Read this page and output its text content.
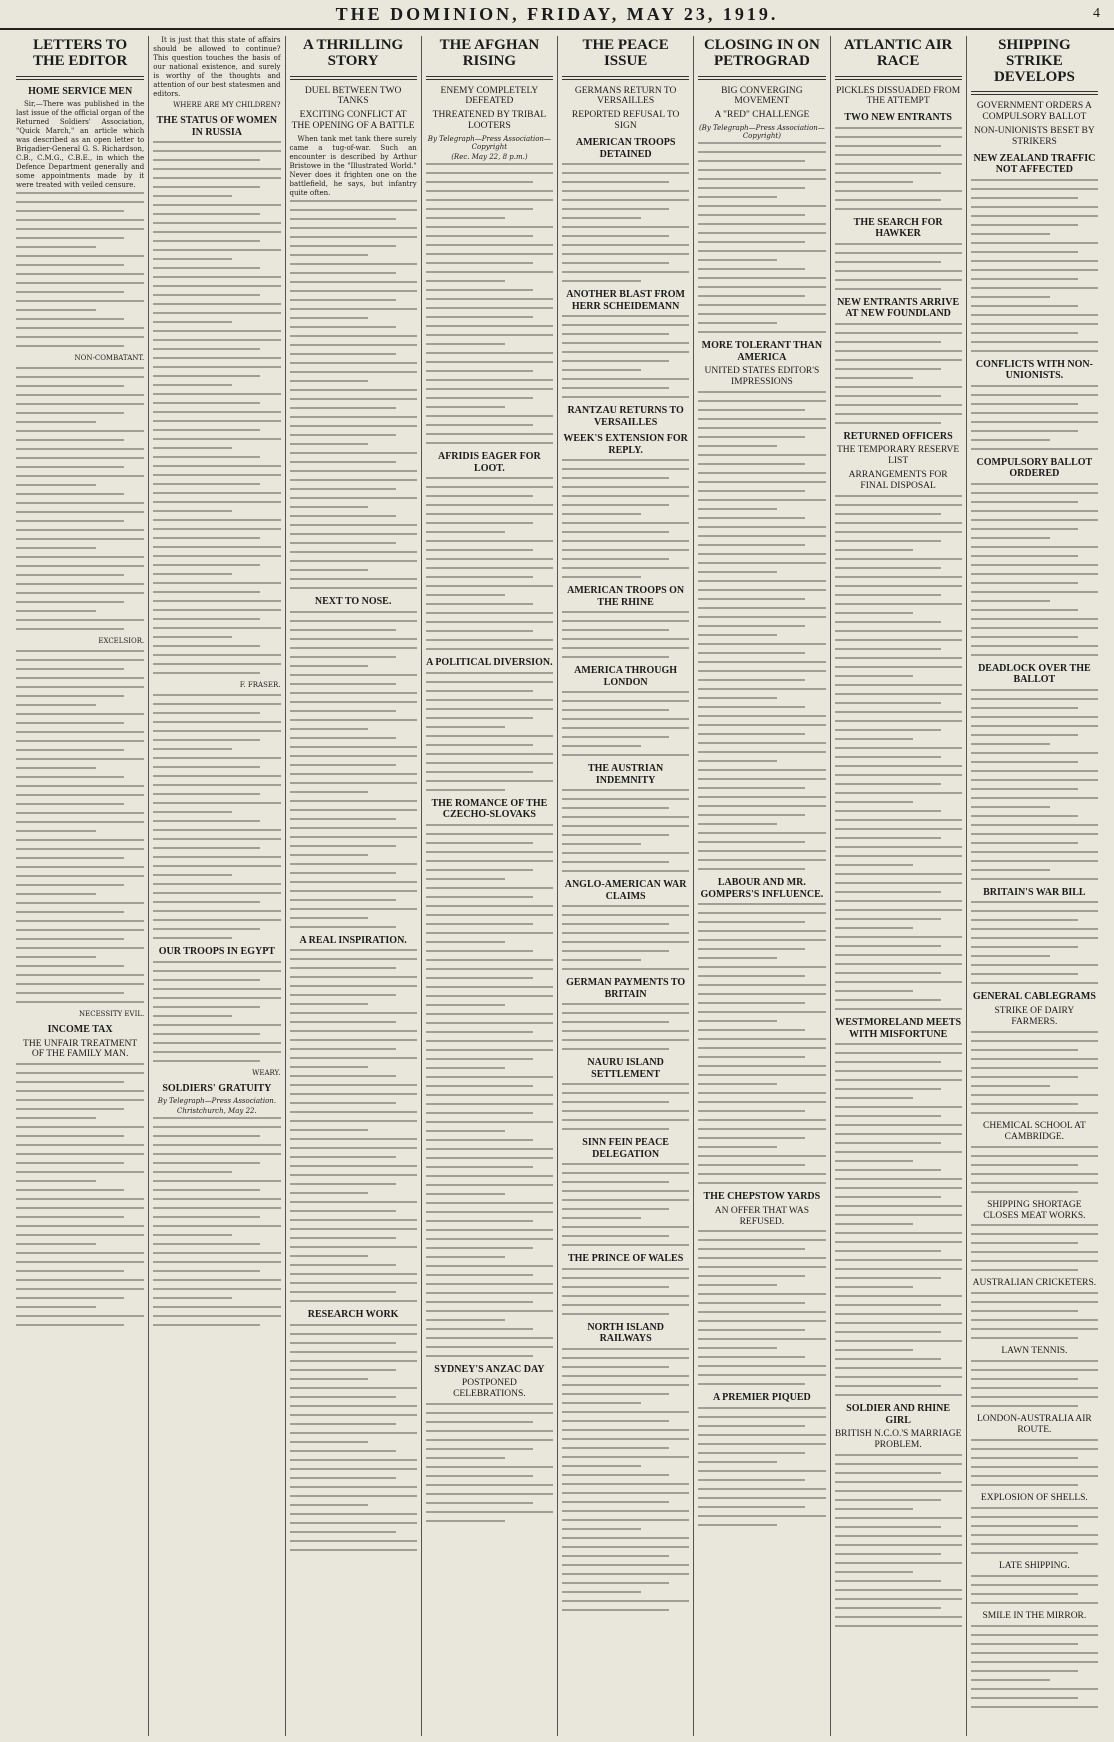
THE DOMINION, FRIDAY, MAY 23, 1919.	4
LETTERS TO THE EDITOR
HOME SERVICE MEN

Sir,—There was published in the last issue of the official organ of the Returned Soldiers' Association, "Quick March," an article which was described as an open letter to Brigadier-General G. S. Richardson, C.B., C.M.G., C.B.E., in which the Defence Department generally and some appointments made by it were treated with veiled censure.

NON-COMBATANT.

EXCELSIOR.

NECESSITY EVIL.

INCOME TAX
THE UNFAIR TREATMENT OF THE FAMILY MAN.

It is just that this state of affairs should be allowed to continue? This question touches the basis of our national existence, and surely is worthy of the thoughts and attention of our best statesmen and editors.

WHERE ARE MY CHILDREN?

THE STATUS OF WOMEN IN RUSSIA

F. FRASER.

OUR TROOPS IN EGYPT

WEARY.

SOLDIERS' GRATUITY
By Telegraph—Press Association.
Christchurch, May 22.
A THRILLING STORY
DUEL BETWEEN TWO TANKS
EXCITING CONFLICT AT THE OPENING OF A BATTLE

When tank met tank there surely came a tug-of-war. Such an encounter is described by Arthur Bristowe in the "Illustrated World." Never does it frighten one on the battlefield, he says, but infantry quite often.

NEXT TO NOSE.
A REAL INSPIRATION.
RESEARCH WORK
THE AFGHAN RISING
ENEMY COMPLETELY DEFEATED
THREATENED BY TRIBAL LOOTERS
By Telegraph—Press Association—Copyright
(Rec. May 22, 8 p.m.)
AFRIDIS EAGER FOR LOOT.
A POLITICAL DIVERSION.
THE ROMANCE OF THE CZECHO-SLOVAKS
SYDNEY'S ANZAC DAY
POSTPONED CELEBRATIONS.
THE PEACE ISSUE
GERMANS RETURN TO VERSAILLES
REPORTED REFUSAL TO SIGN
AMERICAN TROOPS DETAINED
ANOTHER BLAST FROM HERR SCHEIDEMANN
RANTZAU RETURNS TO VERSAILLES
WEEK'S EXTENSION FOR REPLY.
AMERICAN TROOPS ON THE RHINE
AMERICA THROUGH LONDON
THE AUSTRIAN INDEMNITY
ANGLO-AMERICAN WAR CLAIMS
GERMAN PAYMENTS TO BRITAIN
NAURU ISLAND SETTLEMENT
SINN FEIN PEACE DELEGATION
THE PRINCE OF WALES
NORTH ISLAND RAILWAYS
CLOSING IN ON PETROGRAD
BIG CONVERGING MOVEMENT
A "RED" CHALLENGE
(By Telegraph—Press Association—Copyright)
MORE TOLERANT THAN AMERICA
UNITED STATES EDITOR'S IMPRESSIONS
LABOUR AND MR. GOMPERS'S INFLUENCE.
THE CHEPSTOW YARDS
AN OFFER THAT WAS REFUSED.
A PREMIER PIQUED
ATLANTIC AIR RACE
PICKLES DISSUADED FROM THE ATTEMPT
TWO NEW ENTRANTS
THE SEARCH FOR HAWKER
NEW ENTRANTS ARRIVE AT NEW FOUNDLAND
RETURNED OFFICERS
THE TEMPORARY RESERVE LIST
ARRANGEMENTS FOR FINAL DISPOSAL
WESTMORELAND MEETS WITH MISFORTUNE
SOLDIER AND RHINE GIRL
BRITISH N.C.O.'S MARRIAGE PROBLEM.
SHIPPING STRIKE DEVELOPS
GOVERNMENT ORDERS A COMPULSORY BALLOT
NON-UNIONISTS BESET BY STRIKERS
NEW ZEALAND TRAFFIC NOT AFFECTED
CONFLICTS WITH NON-UNIONISTS.
COMPULSORY BALLOT ORDERED
DEADLOCK OVER THE BALLOT
BRITAIN'S WAR BILL
GENERAL CABLEGRAMS
STRIKE OF DAIRY FARMERS.
CHEMICAL SCHOOL AT CAMBRIDGE.
SHIPPING SHORTAGE CLOSES MEAT WORKS.
AUSTRALIAN CRICKETERS.
LAWN TENNIS.
LONDON-AUSTRALIA AIR ROUTE.
EXPLOSION OF SHELLS.
LATE SHIPPING.
SMILE IN THE MIRROR.
